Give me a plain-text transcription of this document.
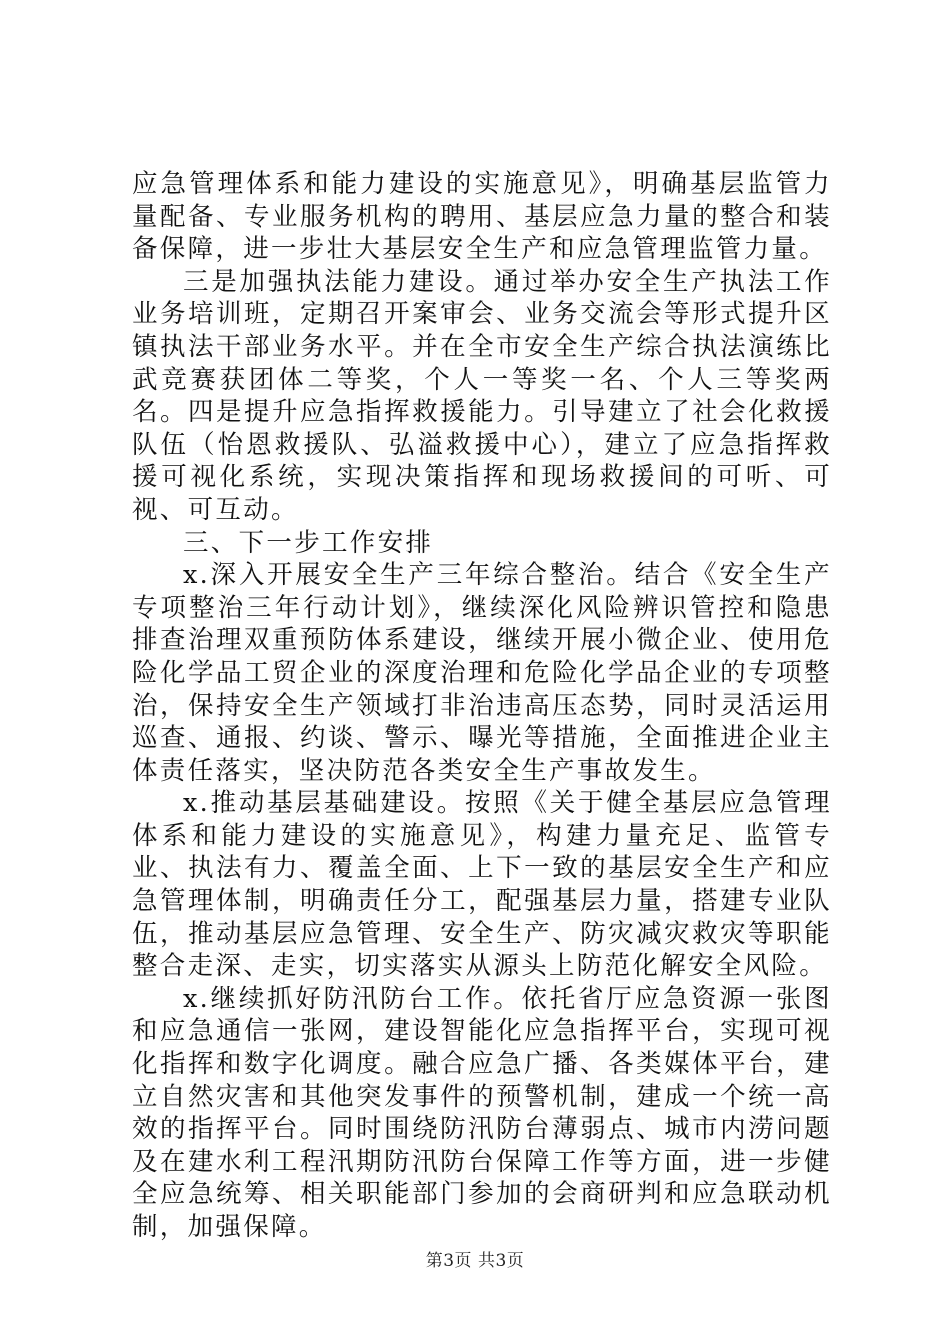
应急管理体系和能力建设的实施意见》，明确基层监管力量配备、专业服务机构的聘用、基层应急力量的整合和装备保障，进一步壮大基层安全生产和应急管理监管力量。

三是加强执法能力建设。通过举办安全生产执法工作业务培训班，定期召开案审会、业务交流会等形式提升区镇执法干部业务水平。并在全市安全生产综合执法演练比武竞赛获团体二等奖，个人一等奖一名、个人三等奖两名。四是提升应急指挥救援能力。引导建立了社会化救援队伍（怡恩救援队、弘溢救援中心），建立了应急指挥救援可视化系统，实现决策指挥和现场救援间的可听、可视、可互动。

三、下一步工作安排

x.深入开展安全生产三年综合整治。结合《安全生产专项整治三年行动计划》，继续深化风险辨识管控和隐患排查治理双重预防体系建设，继续开展小微企业、使用危险化学品工贸企业的深度治理和危险化学品企业的专项整治，保持安全生产领域打非治违高压态势，同时灵活运用巡查、通报、约谈、警示、曝光等措施，全面推进企业主体责任落实，坚决防范各类安全生产事故发生。

x.推动基层基础建设。按照《关于健全基层应急管理体系和能力建设的实施意见》，构建力量充足、监管专业、执法有力、覆盖全面、上下一致的基层安全生产和应急管理体制，明确责任分工，配强基层力量，搭建专业队伍，推动基层应急管理、安全生产、防灾减灾救灾等职能整合走深、走实，切实落实从源头上防范化解安全风险。

x.继续抓好防汛防台工作。依托省厅应急资源一张图和应急通信一张网，建设智能化应急指挥平台，实现可视化指挥和数字化调度。融合应急广播、各类媒体平台，建立自然灾害和其他突发事件的预警机制，建成一个统一高效的指挥平台。同时围绕防汛防台薄弱点、城市内涝问题及在建水利工程汛期防汛防台保障工作等方面，进一步健全应急统筹、相关职能部门参加的会商研判和应急联动机制，加强保障。

第3页 共3页
